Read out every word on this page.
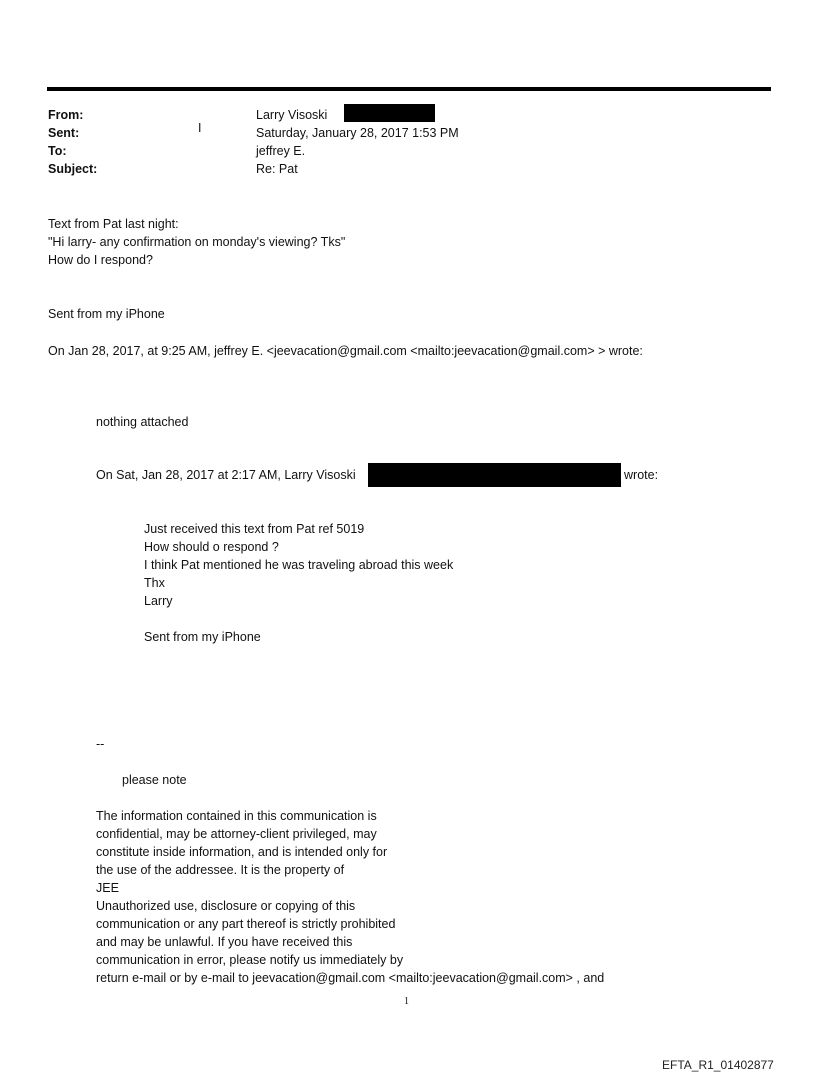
From:	Larry Visoski
Sent:	I	Saturday, January 28, 2017 1:53 PM
To:	jeffrey E.
Subject:	Re: Pat
Text from Pat last night:
"Hi larry- any confirmation on monday's viewing? Tks"
How do I respond?
Sent from my iPhone
On Jan 28, 2017, at 9:25 AM, jeffrey E. <jeevacation@gmail.com <mailto:jeevacation@gmail.com> > wrote:
nothing attached
On Sat, Jan 28, 2017 at 2:17 AM, Larry Visoski	wrote:
Just received this text from Pat ref 5019
How should o respond ?
I think Pat mentioned he was traveling abroad this week
Thx
Larry
Sent from my iPhone
--
please note
The information contained in this communication is
confidential, may be attorney-client privileged, may
constitute inside information, and is intended only for
the use of the addressee. It is the property of
JEE
Unauthorized use, disclosure or copying of this
communication or any part thereof is strictly prohibited
and may be unlawful. If you have received this
communication in error, please notify us immediately by
return e-mail or by e-mail to jeevacation@gmail.com <mailto:jeevacation@gmail.com> , and
1
EFTA_R1_01402877
